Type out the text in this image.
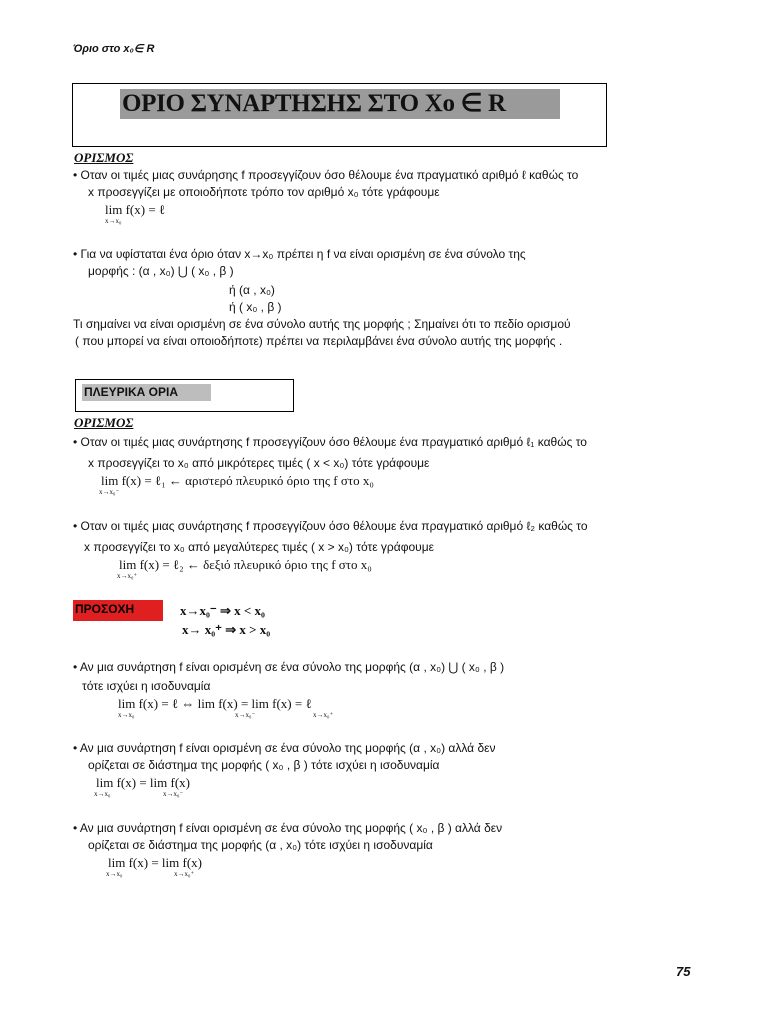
Όριο στο x₀∈ R
ΟΡΙΟ ΣΥΝΑΡΤΗΣΗΣ ΣΤΟ Χο ∈ R
ΟΡΙΣΜΟΣ
• Οταν οι τιμές μιας συνάρησης f προσεγγίζουν όσο θέλουμε ένα πραγματικό αριθμό ℓ καθώς το
x προσεγγίζει με οποιοδήποτε τρόπο τον αριθμό x₀ τότε γράφουμε
lim f(x) = ℓ
x→x₀
• Για να υφίσταται ένα όριο όταν x→x₀ πρέπει η f να είναι ορισμένη σε ένα σύνολο της
μορφής : (α , x₀) ⋃ ( x₀ , β )
ή (α , x₀)
ή ( x₀ , β )
Τι σημαίνει να είναι ορισμένη σε ένα σύνολο αυτής της μορφής ; Σημαίνει ότι το πεδίο ορισμού
( που μπορεί να είναι οποιοδήποτε) πρέπει να περιλαμβάνει ένα σύνολο αυτής της μορφής .
ΠΛΕΥΡΙΚΑ ΟΡΙΑ
ΟΡΙΣΜΟΣ
• Οταν οι τιμές μιας συνάρτησης f προσεγγίζουν όσο θέλουμε ένα πραγματικό αριθμό ℓ₁ καθώς το
x προσεγγίζει το x₀ από μικρότερες τιμές ( x < x₀) τότε γράφουμε
lim f(x) = ℓ₁ ← αριστερό πλευρικό όριο της f στο x₀
x→x₀⁻
• Οταν οι τιμές μιας συνάρτησης f προσεγγίζουν όσο θέλουμε ένα πραγματικό αριθμό ℓ₂ καθώς το
x προσεγγίζει το x₀ από μεγαλύτερες τιμές ( x > x₀) τότε γράφουμε
lim f(x) = ℓ₂ ← δεξιό πλευρικό όριο της f στο x₀
x→x₀⁺
ΠΡΟΣΟΧΗ	x→x₀⁻ ⇒ x < x₀
x→ x₀⁺ ⇒ x > x₀
• Αν μια συνάρτηση f είναι ορισμένη σε ένα σύνολο της μορφής (α , x₀) ⋃ ( x₀ , β )
τότε ισχύει η ισοδυναμία
lim f(x) = ℓ ⇔ lim f(x) = lim f(x) = ℓ
x→x₀	x→x₀⁻	x→x₀⁺
• Αν μια συνάρτηση f είναι ορισμένη σε ένα σύνολο της μορφής (α , x₀) αλλά δεν
ορίζεται σε διάστημα της μορφής ( x₀ , β ) τότε ισχύει η ισοδυναμία
lim f(x) = lim f(x)
x→x₀	x→x₀⁻
• Αν μια συνάρτηση f είναι ορισμένη σε ένα σύνολο της μορφής ( x₀ , β ) αλλά δεν
ορίζεται σε διάστημα της μορφής (α , x₀) τότε ισχύει η ισοδυναμία
lim f(x) = lim f(x)
x→x₀	x→x₀⁺
75
